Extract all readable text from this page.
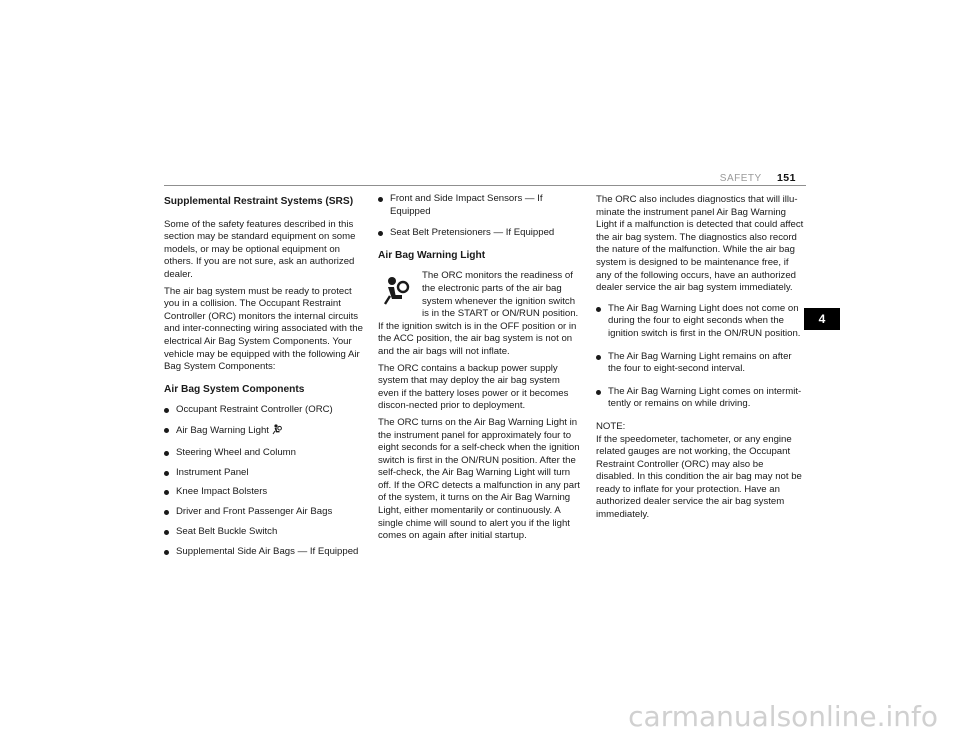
SAFETY 151
Supplemental Restraint Systems (SRS)

Some of the safety features described in this section may be standard equipment on some models, or may be optional equipment on others. If you are not sure, ask an authorized dealer.

The air bag system must be ready to protect you in a collision. The Occupant Restraint Controller (ORC) monitors the internal circuits and inter-connecting wiring associated with the electrical Air Bag System Components. Your vehicle may be equipped with the following Air Bag System Components:

Air Bag System Components
Occupant Restraint Controller (ORC)
Air Bag Warning Light
Steering Wheel and Column
Instrument Panel
Knee Impact Bolsters
Driver and Front Passenger Air Bags
Seat Belt Buckle Switch
Supplemental Side Air Bags — If Equipped
Front and Side Impact Sensors — If Equipped
Seat Belt Pretensioners — If Equipped
Air Bag Warning Light

The ORC monitors the readiness of the electronic parts of the air bag system whenever the ignition switch is in the START or ON/RUN position. If the ignition switch is in the OFF position or in the ACC position, the air bag system is not on and the air bags will not inflate.

The ORC contains a backup power supply system that may deploy the air bag system even if the battery loses power or it becomes discon-nected prior to deployment.

The ORC turns on the Air Bag Warning Light in the instrument panel for approximately four to eight seconds for a self-check when the ignition switch is first in the ON/RUN position. After the self-check, the Air Bag Warning Light will turn off. If the ORC detects a malfunction in any part of the system, it turns on the Air Bag Warning Light, either momentarily or continuously. A single chime will sound to alert you if the light comes on again after initial startup.

The ORC also includes diagnostics that will illu-minate the instrument panel Air Bag Warning Light if a malfunction is detected that could affect the air bag system. The diagnostics also record the nature of the malfunction. While the air bag system is designed to be maintenance free, if any of the following occurs, have an authorized dealer service the air bag system immediately.

The Air Bag Warning Light does not come on during the four to eight seconds when the ignition switch is first in the ON/RUN position.
The Air Bag Warning Light remains on after the four to eight-second interval.
The Air Bag Warning Light comes on intermit-tently or remains on while driving.

NOTE:

If the speedometer, tachometer, or any engine related gauges are not working, the Occupant Restraint Controller (ORC) may also be disabled. In this condition the air bag may not be ready to inflate for your protection. Have an authorized dealer service the air bag system immediately.

4
carmanualsonline.info
